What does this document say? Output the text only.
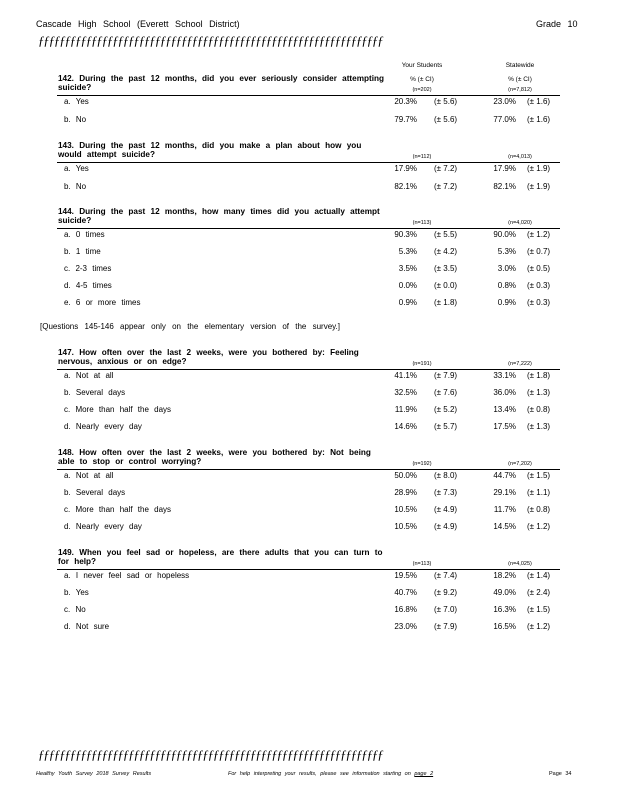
Cascade High School (Everett School District)	Grade 10
ƒƒƒƒƒƒƒƒƒƒƒƒƒƒƒƒƒƒƒƒƒƒƒƒƒƒƒƒƒƒƒƒƒƒƒƒƒƒƒƒƒƒƒƒƒƒƒƒƒƒƒƒƒƒƒƒƒƒƒƒƒƒƒƒƒ
Your Students
% (± CI)
Statewide
% (± CI)
[Questions 145-146 appear only on the elementary version of the survey.]
142. During the past 12 months, did you ever seriously consider attempting suicide?	(n=202)	(n=7,812)
a. Yes	20.3% (± 5.6)	23.0% (± 1.6)
b. No	79.7% (± 5.6)	77.0% (± 1.6)
143. During the past 12 months, did you make a plan about how you would attempt suicide?	(n=112)	(n=4,013)
a. Yes	17.9% (± 7.2)	17.9% (± 1.9)
b. No	82.1% (± 7.2)	82.1% (± 1.9)
144. During the past 12 months, how many times did you actually attempt suicide?	(n=113)	(n=4,020)
a. 0 times	90.3% (± 5.5)	90.0% (± 1.2)
b. 1 time	5.3% (± 4.2)	5.3% (± 0.7)
c. 2-3 times	3.5% (± 3.5)	3.0% (± 0.5)
d. 4-5 times	0.0% (± 0.0)	0.8% (± 0.3)
e. 6 or more times	0.9% (± 1.8)	0.9% (± 0.3)
147. How often over the last 2 weeks, were you bothered by: Feeling nervous, anxious or on edge?	(n=191)	(n=7,222)
a. Not at all	41.1% (± 7.9)	33.1% (± 1.8)
b. Several days	32.5% (± 7.6)	36.0% (± 1.3)
c. More than half the days	11.9% (± 5.2)	13.4% (± 0.8)
d. Nearly every day	14.6% (± 5.7)	17.5% (± 1.3)
148. How often over the last 2 weeks, were you bothered by: Not being able to stop or control worrying?	(n=192)	(n=7,202)
a. Not at all	50.0% (± 8.0)	44.7% (± 1.5)
b. Several days	28.9% (± 7.3)	29.1% (± 1.1)
c. More than half the days	10.5% (± 4.9)	11.7% (± 0.8)
d. Nearly every day	10.5% (± 4.9)	14.5% (± 1.2)
149. When you feel sad or hopeless, are there adults that you can turn to for help?	(n=113)	(n=4,025)
a. I never feel sad or hopeless	19.5% (± 7.4)	18.2% (± 1.4)
b. Yes	40.7% (± 9.2)	49.0% (± 2.4)
c. No	16.8% (± 7.0)	16.3% (± 1.5)
d. Not sure	23.0% (± 7.9)	16.5% (± 1.2)
ƒƒƒƒƒƒƒƒƒƒƒƒƒƒƒƒƒƒƒƒƒƒƒƒƒƒƒƒƒƒƒƒƒƒƒƒƒƒƒƒƒƒƒƒƒƒƒƒƒƒƒƒƒƒƒƒƒƒƒƒƒƒƒƒƒ
Healthy Youth Survey 2018 Survey Results	For help interpreting your results, please see information starting on page 2	Page 34
